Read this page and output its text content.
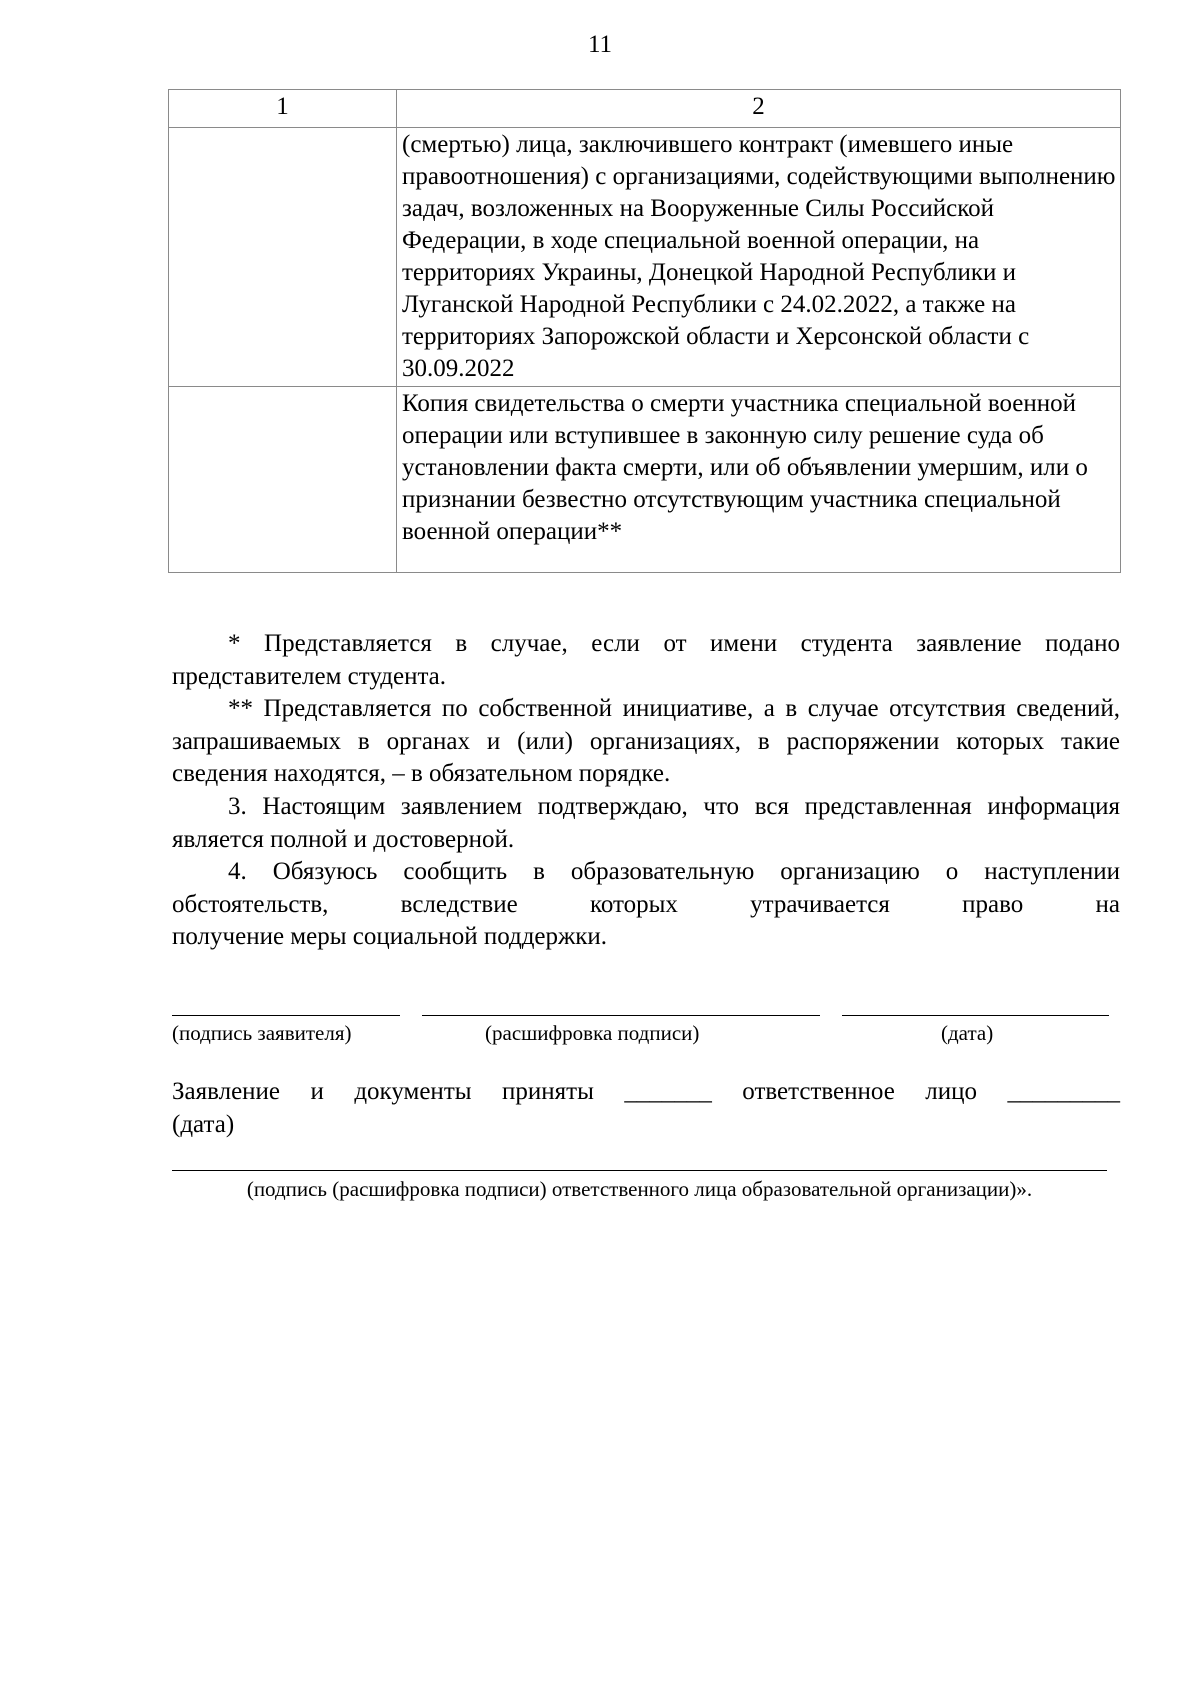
11
1	2
	(смертью) лица, заключившего контракт (имевшего иные правоотношения) с организациями, содействующими выполнению задач, возложенных на Вооруженные Силы Российской Федерации, в ходе специальной военной операции, на территориях Украины, Донецкой Народной Республики и Луганской Народной Республики с 24.02.2022, а также на территориях Запорожской области и Херсонской области с 30.09.2022
	Копия свидетельства о смерти участника специальной военной операции или вступившее в законную силу решение суда об установлении факта смерти, или об объявлении умершим, или о признании безвестно отсутствующим участника специальной военной операции**

* Представляется в случае, если от имени студента заявление подано представителем студента.

** Представляется по собственной инициативе, а в случае отсутствия сведений, запрашиваемых в органах и (или) организациях, в распоряжении которых такие сведения находятся, – в обязательном порядке.

3. Настоящим заявлением подтверждаю, что вся представленная информация является полной и достоверной.

4. Обязуюсь сообщить в образовательную организацию о наступлении обстоятельств, вследствие которых утрачивается право на

получение меры социальной поддержки.

(подпись заявителя)	(расшифровка подписи)	(дата)
Заявление и документы приняты _______ ответственное лицо _________
(дата)
(подпись (расшифровка подписи) ответственного лица образовательной организации)».
